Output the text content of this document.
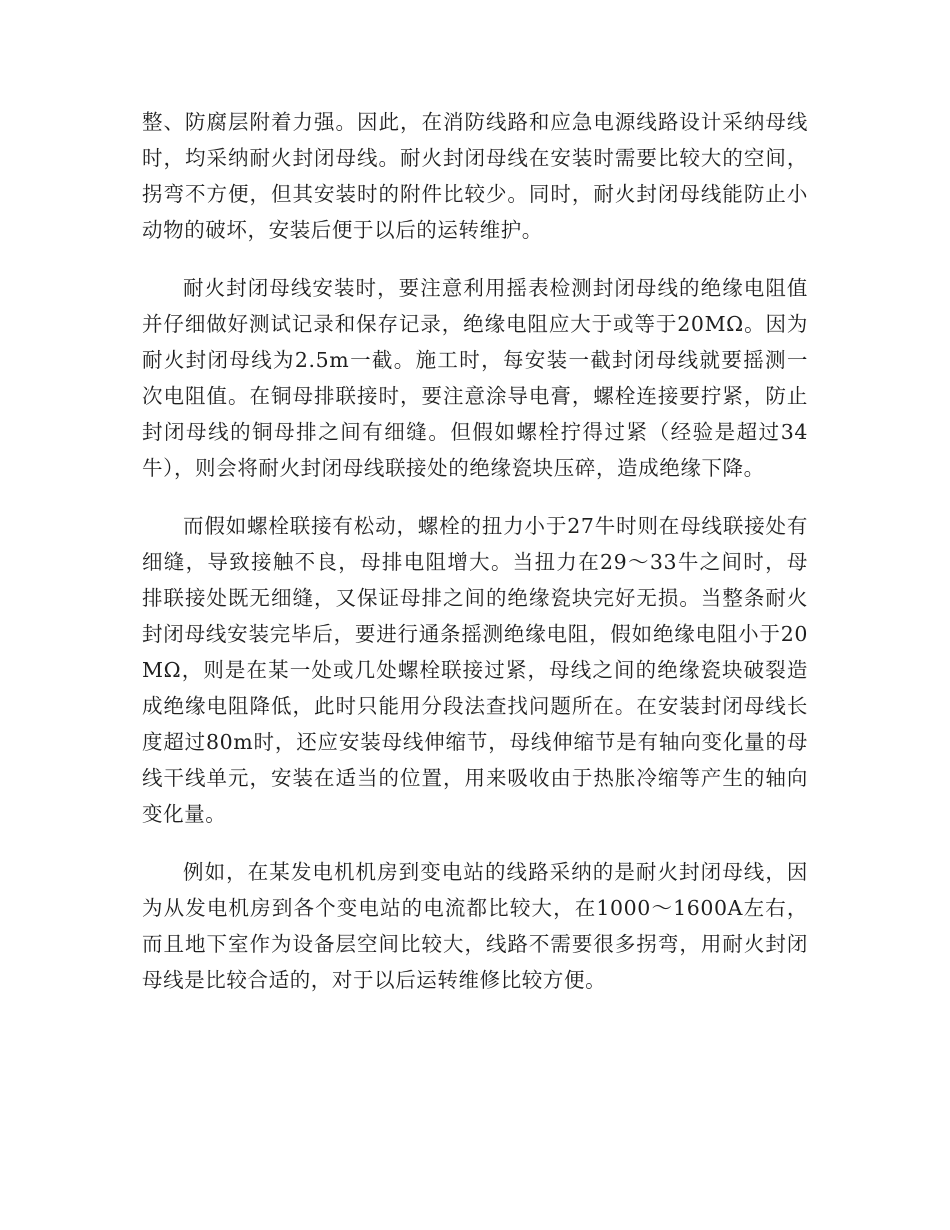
整、防腐层附着力强。因此，在消防线路和应急电源线路设计采纳母线时，均采纳耐火封闭母线。耐火封闭母线在安装时需要比较大的空间，拐弯不方便，但其安装时的附件比较少。同时，耐火封闭母线能防止小动物的破坏，安装后便于以后的运转维护。

耐火封闭母线安装时，要注意利用摇表检测封闭母线的绝缘电阻值并仔细做好测试记录和保存记录，绝缘电阻应大于或等于20MΩ。因为耐火封闭母线为2.5m一截。施工时，每安装一截封闭母线就要摇测一次电阻值。在铜母排联接时，要注意涂导电膏，螺栓连接要拧紧，防止封闭母线的铜母排之间有细缝。但假如螺栓拧得过紧（经验是超过34牛），则会将耐火封闭母线联接处的绝缘瓷块压碎，造成绝缘下降。

而假如螺栓联接有松动，螺栓的扭力小于27牛时则在母线联接处有细缝，导致接触不良，母排电阻增大。当扭力在29～33牛之间时，母排联接处既无细缝，又保证母排之间的绝缘瓷块完好无损。当整条耐火封闭母线安装完毕后，要进行通条摇测绝缘电阻，假如绝缘电阻小于20MΩ，则是在某一处或几处螺栓联接过紧，母线之间的绝缘瓷块破裂造成绝缘电阻降低，此时只能用分段法查找问题所在。在安装封闭母线长度超过80m时，还应安装母线伸缩节，母线伸缩节是有轴向变化量的母线干线单元，安装在适当的位置，用来吸收由于热胀冷缩等产生的轴向变化量。

例如，在某发电机机房到变电站的线路采纳的是耐火封闭母线，因为从发电机房到各个变电站的电流都比较大，在1000～1600A左右，而且地下室作为设备层空间比较大，线路不需要很多拐弯，用耐火封闭母线是比较合适的，对于以后运转维修比较方便。
